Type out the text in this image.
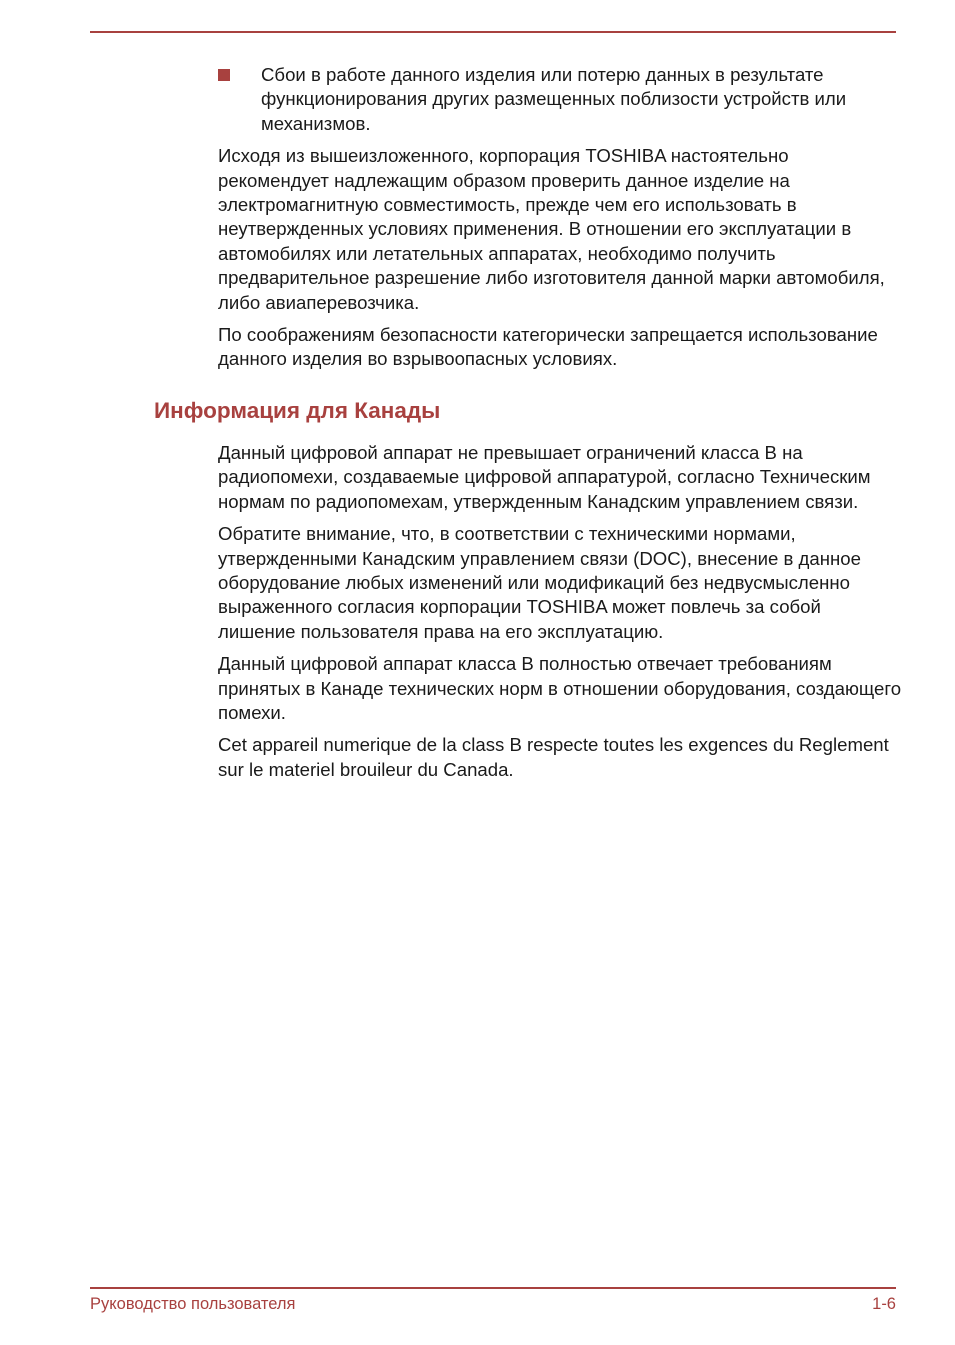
Сбои в работе данного изделия или потерю данных в результате функционирования других размещенных поблизости устройств или механизмов.

Исходя из вышеизложенного, корпорация TOSHIBA настоятельно рекомендует надлежащим образом проверить данное изделие на электромагнитную совместимость, прежде чем его использовать в неутвержденных условиях применения. В отношении его эксплуатации в автомобилях или летательных аппаратах, необходимо получить предварительное разрешение либо изготовителя данной марки автомобиля, либо авиаперевозчика.

По соображениям безопасности категорически запрещается использование данного изделия во взрывоопасных условиях.

Информация для Канады

Данный цифровой аппарат не превышает ограничений класса B на радиопомехи, создаваемые цифровой аппаратурой, согласно Техническим нормам по радиопомехам, утвержденным Канадским управлением связи.

Обратите внимание, что, в соответствии с техническими нормами, утвержденными Канадским управлением связи (DOC), внесение в данное оборудование любых изменений или модификаций без недвусмысленно выраженного согласия корпорации TOSHIBA может повлечь за собой лишение пользователя права на его эксплуатацию.

Данный цифровой аппарат класса B полностью отвечает требованиям принятых в Канаде технических норм в отношении оборудования, создающего помехи.

Cet appareil numerique de la class B respecte toutes les exgences du Reglement sur le materiel brouileur du Canada.

Руководство пользователя	1-6
